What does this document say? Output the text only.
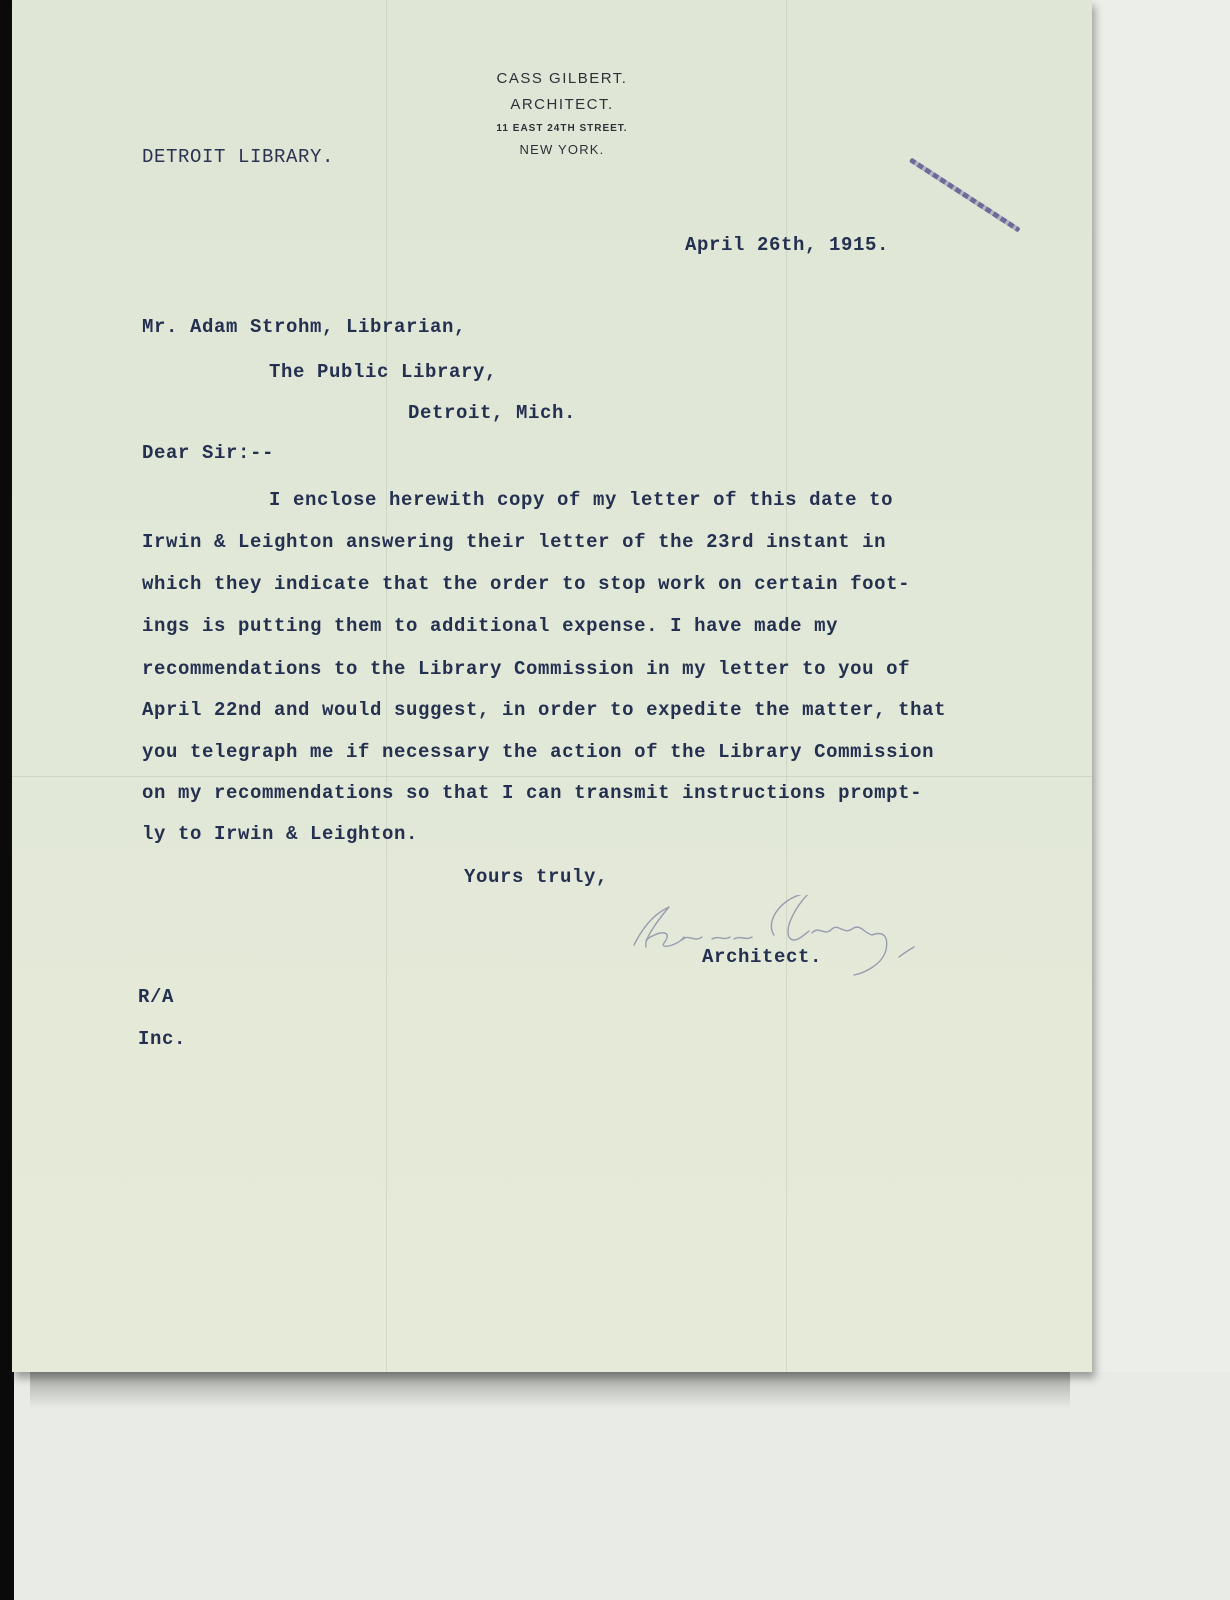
CASS GILBERT.
ARCHITECT.
11 EAST 24TH STREET.
NEW YORK.
DETROIT LIBRARY.
April 26th, 1915.
Mr. Adam Strohm, Librarian,
The Public Library,
Detroit, Mich.
Dear Sir:--
I enclose herewith copy of my letter of this date to
Irwin & Leighton answering their letter of the 23rd instant in
which they indicate that the order to stop work on certain foot-
ings is putting them to additional expense. I have made my
recommendations to the Library Commission in my letter to you of
April 22nd and would suggest, in order to expedite the matter, that
you telegraph me if necessary the action of the Library Commission
on my recommendations so that I can transmit instructions prompt-
ly to Irwin & Leighton.
Yours truly,
Architect.
R/A
Inc.
